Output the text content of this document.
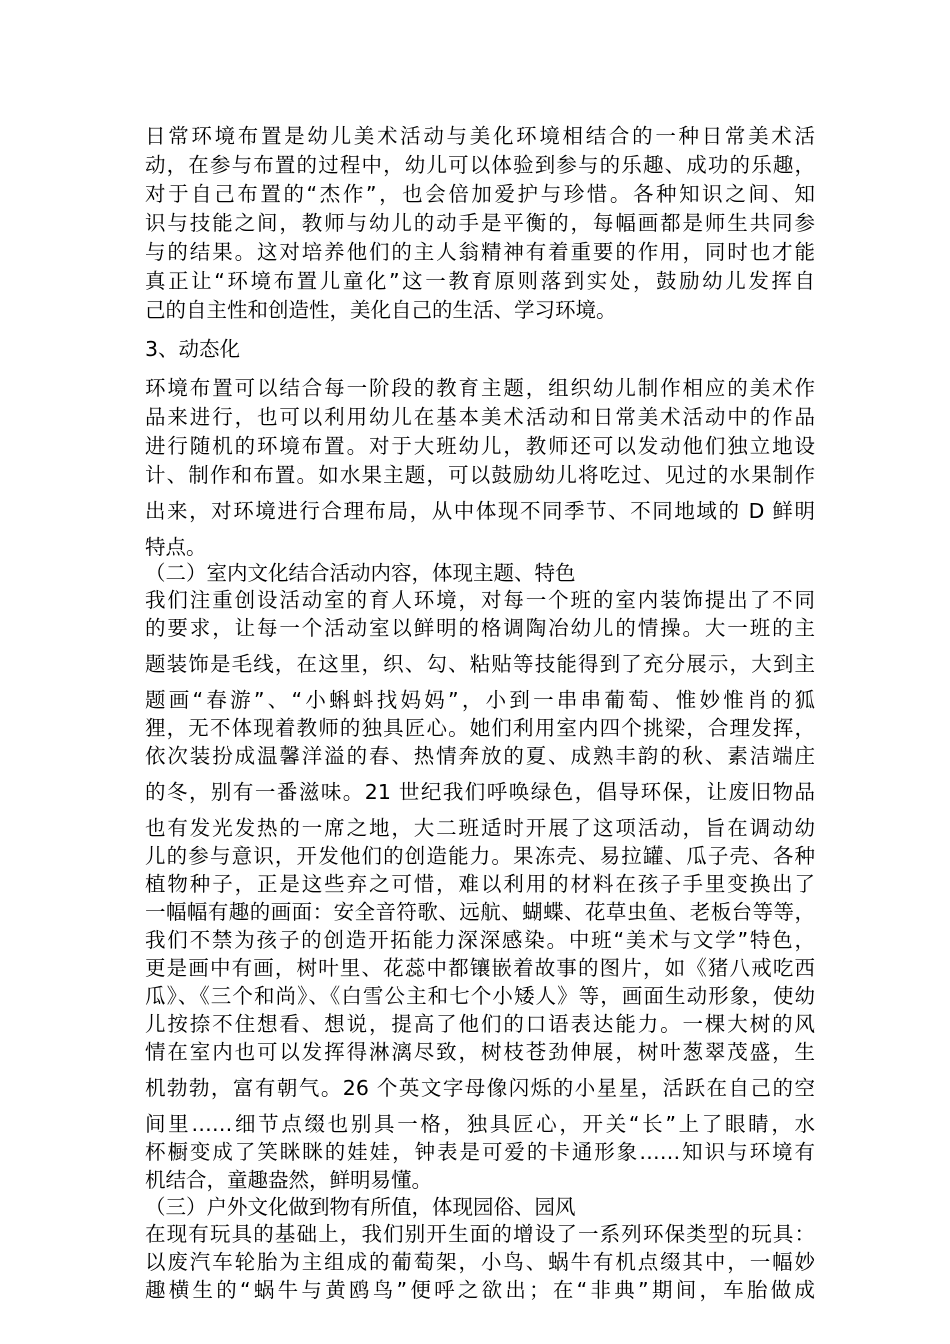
日常环境布置是幼儿美术活动与美化环境相结合的一种日常美术活
动，在参与布置的过程中，幼儿可以体验到参与的乐趣、成功的乐趣，
对于自己布置的“杰作”，也会倍加爱护与珍惜。各种知识之间、知
识与技能之间，教师与幼儿的动手是平衡的，每幅画都是师生共同参
与的结果。这对培养他们的主人翁精神有着重要的作用，同时也才能
真正让“环境布置儿童化”这一教育原则落到实处，鼓励幼儿发挥自
己的自主性和创造性，美化自己的生活、学习环境。
3、动态化
环境布置可以结合每一阶段的教育主题，组织幼儿制作相应的美术作
品来进行，也可以利用幼儿在基本美术活动和日常美术活动中的作品
进行随机的环境布置。对于大班幼儿，教师还可以发动他们独立地设
计、制作和布置。如水果主题，可以鼓励幼儿将吃过、见过的水果制作
出来，对环境进行合理布局，从中体现不同季节、不同地域的 D 鲜明
特点。
（二）室内文化结合活动内容，体现主题、特色
我们注重创设活动室的育人环境，对每一个班的室内装饰提出了不同
的要求，让每一个活动室以鲜明的格调陶冶幼儿的情操。大一班的主
题装饰是毛线，在这里，织、勾、粘贴等技能得到了充分展示，大到主
题画“春游”、“小蝌蚪找妈妈”，小到一串串葡萄、惟妙惟肖的狐
狸，无不体现着教师的独具匠心。她们利用室内四个挑梁，合理发挥，
依次装扮成温馨洋溢的春、热情奔放的夏、成熟丰韵的秋、素洁端庄
的冬，别有一番滋味。21 世纪我们呼唤绿色，倡导环保，让废旧物品
也有发光发热的一席之地，大二班适时开展了这项活动，旨在调动幼
儿的参与意识，开发他们的创造能力。果冻壳、易拉罐、瓜子壳、各种
植物种子，正是这些弃之可惜，难以利用的材料在孩子手里变换出了
一幅幅有趣的画面：安全音符歌、远航、蝴蝶、花草虫鱼、老板台等等，
我们不禁为孩子的创造开拓能力深深感染。中班“美术与文学”特色，
更是画中有画，树叶里、花蕊中都镶嵌着故事的图片，如《猪八戒吃西
瓜》、《三个和尚》、《白雪公主和七个小矮人》等，画面生动形象，使幼
儿按捺不住想看、想说，提高了他们的口语表达能力。一棵大树的风
情在室内也可以发挥得淋漓尽致，树枝苍劲伸展，树叶葱翠茂盛，生
机勃勃，富有朝气。26 个英文字母像闪烁的小星星，活跃在自己的空
间里……细节点缀也别具一格，独具匠心，开关“长”上了眼睛，水
杯橱变成了笑眯眯的娃娃，钟表是可爱的卡通形象……知识与环境有
机结合，童趣盎然，鲜明易懂。
（三）户外文化做到物有所值，体现园俗、园风
在现有玩具的基础上，我们别开生面的增设了一系列环保类型的玩具：
以废汽车轮胎为主组成的葡萄架，小鸟、蜗牛有机点缀其中，一幅妙
趣横生的“蜗牛与黄鸥鸟”便呼之欲出；在“非典”期间，车胎做成
